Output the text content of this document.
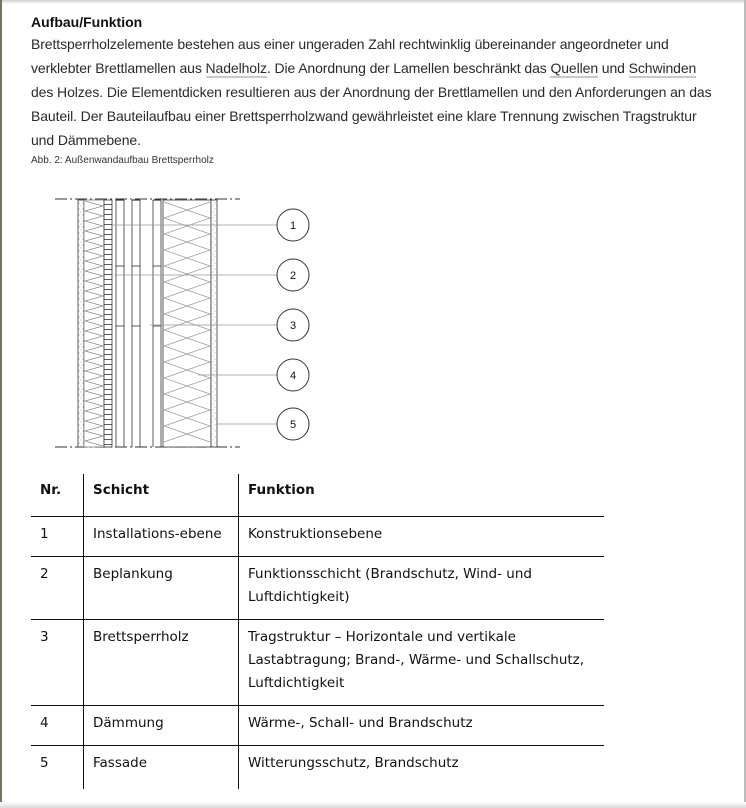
Aufbau/Funktion

Brettsperrholzelemente bestehen aus einer ungeraden Zahl rechtwinklig übereinander angeordneter und verklebter Brettlamellen aus Nadelholz. Die Anordnung der Lamellen beschränkt das Quellen und Schwinden des Holzes. Die Elementdicken resultieren aus der Anordnung der Brettlamellen und den Anforderungen an das Bauteil. Der Bauteilaufbau einer Brettsperrholzwand gewährleistet eine klare Trennung zwischen Tragstruktur und Dämmebene.

Abb. 2: Außenwandaufbau Brettsperrholz
1
2
3
4
5
Nr.	Schicht	Funktion
1	Installations-ebene	Konstruktionsebene
2	Beplankung	Funktionsschicht (Brandschutz, Wind- und Luftdichtigkeit)
3	Brettsperrholz	Tragstruktur – Horizontale und vertikale Lastabtragung; Brand-, Wärme- und Schallschutz, Luftdichtigkeit
4	Dämmung	Wärme-, Schall- und Brandschutz
5	Fassade	Witterungsschutz, Brandschutz
